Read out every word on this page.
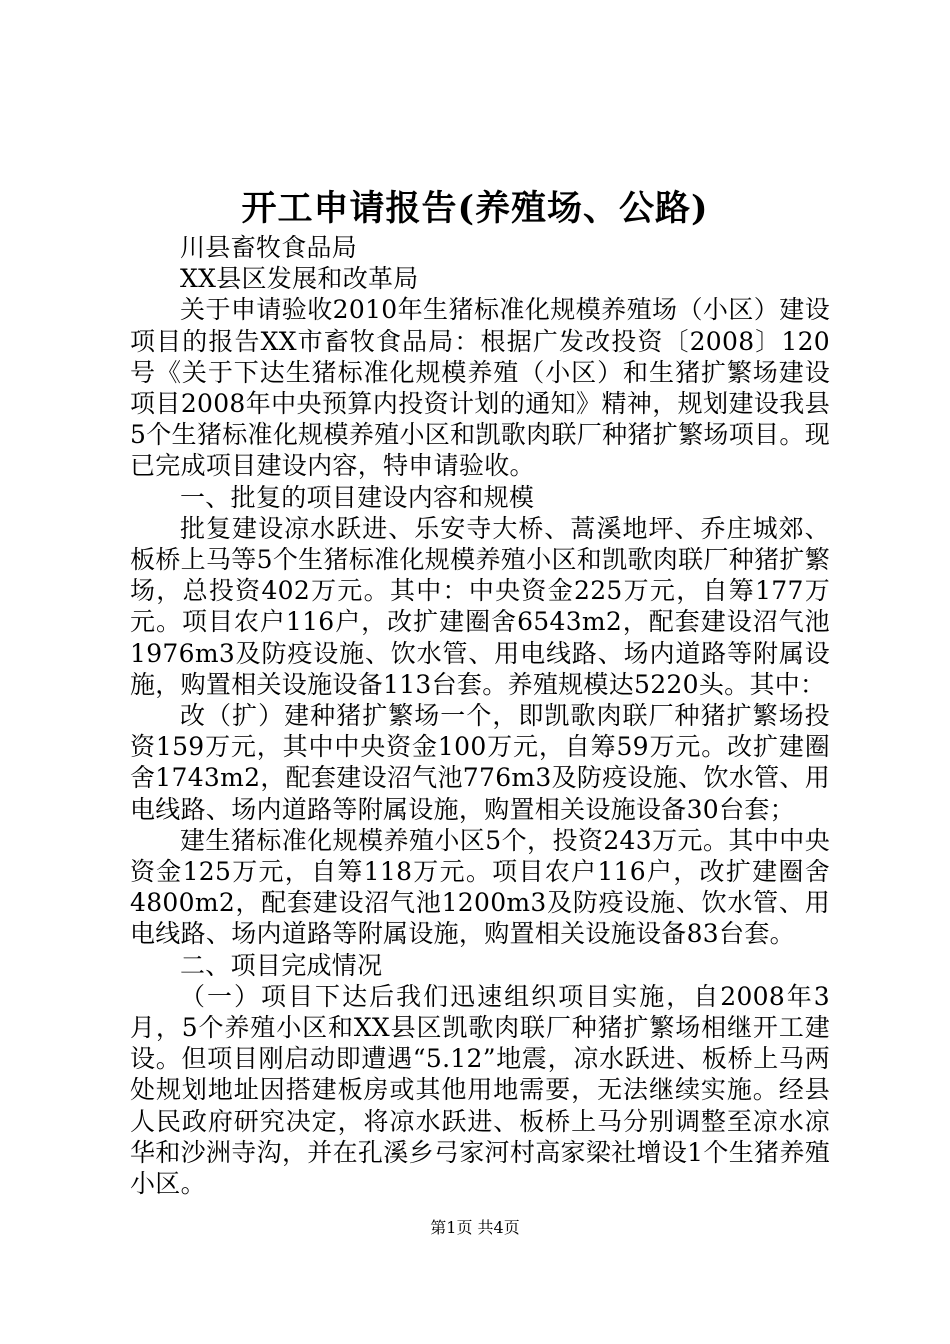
开工申请报告(养殖场、公路)

川县畜牧食品局

XX县区发展和改革局

关于申请验收2010年生猪标准化规模养殖场（小区）建设项目的报告XX市畜牧食品局：根据广发改投资〔2008〕120号《关于下达生猪标准化规模养殖（小区）和生猪扩繁场建设项目2008年中央预算内投资计划的通知》精神，规划建设我县5个生猪标准化规模养殖小区和凯歌肉联厂种猪扩繁场项目。现已完成项目建设内容，特申请验收。

一、批复的项目建设内容和规模

批复建设凉水跃进、乐安寺大桥、蒿溪地坪、乔庄城郊、板桥上马等5个生猪标准化规模养殖小区和凯歌肉联厂种猪扩繁场，总投资402万元。其中：中央资金225万元，自筹177万元。项目农户116户，改扩建圈舍6543m2，配套建设沼气池1976m3及防疫设施、饮水管、用电线路、场内道路等附属设施，购置相关设施设备113台套。养殖规模达5220头。其中：

改（扩）建种猪扩繁场一个，即凯歌肉联厂种猪扩繁场投资159万元，其中中央资金100万元，自筹59万元。改扩建圈舍1743m2，配套建设沼气池776m3及防疫设施、饮水管、用电线路、场内道路等附属设施，购置相关设施设备30台套；

建生猪标准化规模养殖小区5个，投资243万元。其中中央资金125万元，自筹118万元。项目农户116户，改扩建圈舍4800m2，配套建设沼气池1200m3及防疫设施、饮水管、用电线路、场内道路等附属设施，购置相关设施设备83台套。

二、项目完成情况

（一）项目下达后我们迅速组织项目实施，自2008年3月，5个养殖小区和XX县区凯歌肉联厂种猪扩繁场相继开工建设。但项目刚启动即遭遇“5.12”地震，凉水跃进、板桥上马两处规划地址因搭建板房或其他用地需要，无法继续实施。经县人民政府研究决定，将凉水跃进、板桥上马分别调整至凉水凉华和沙洲寺沟，并在孔溪乡弓家河村高家梁社增设1个生猪养殖小区。

第1页 共4页
